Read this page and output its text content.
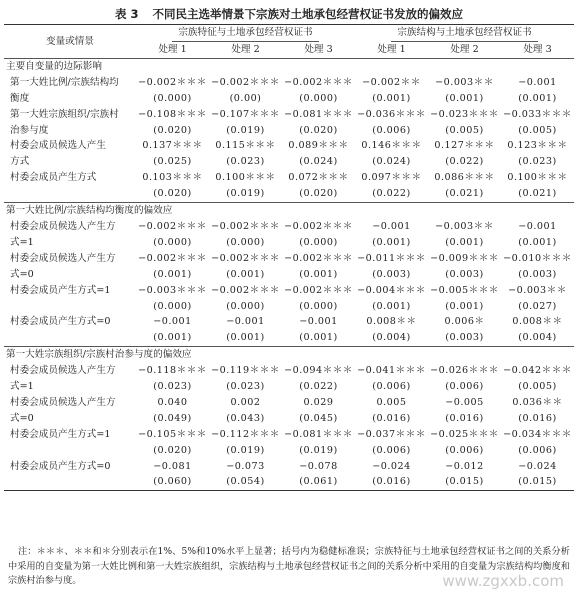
表 3 不同民主选举情景下宗族对土地承包经营权证书发放的偏效应
变量或情景	宗族特征与土地承包经营权证书			宗族结构与土地承包经营权证书		
	处理 1	处理 2	处理 3	处理 1	处理 2	处理 3
主要自变量的边际影响						
第一大姓比例/宗族结构均	−0.002＊＊＊	−0.002＊＊＊	−0.002＊＊＊	−0.002＊＊	−0.003＊＊	−0.001
衡度	(0.000)	(0.00)	(0.000)	(0.001)	(0.001)	(0.001)
第一大姓宗族组织/宗族村	−0.108＊＊＊	−0.107＊＊＊	−0.081＊＊＊	−0.036＊＊＊	−0.023＊＊＊	−0.033＊＊＊
治参与度	(0.020)	(0.019)	(0.020)	(0.006)	(0.005)	(0.005)
村委会成员候选人产生	0.137＊＊＊	0.115＊＊＊	0.089＊＊＊	0.146＊＊＊	0.127＊＊＊	0.123＊＊＊
方式	(0.025)	(0.023)	(0.024)	(0.024)	(0.022)	(0.023)
村委会成员产生方式	0.103＊＊＊	0.100＊＊＊	0.072＊＊＊	0.097＊＊＊	0.086＊＊＊	0.100＊＊＊
	(0.020)	(0.019)	(0.020)	(0.022)	(0.021)	(0.021)
第一大姓比例/宗族结构均衡度的偏效应						
村委会成员候选人产生方	−0.002＊＊＊	−0.002＊＊＊	−0.002＊＊＊	−0.001	−0.003＊＊	−0.001
式=1	(0.000)	(0.000)	(0.000)	(0.001)	(0.001)	(0.001)
村委会成员候选人产生方	−0.002＊＊＊	−0.002＊＊＊	−0.002＊＊＊	−0.011＊＊＊	−0.009＊＊＊	−0.010＊＊＊
式=0	(0.001)	(0.001)	(0.001)	(0.003)	(0.003)	(0.003)
村委会成员产生方式=1	−0.003＊＊＊	−0.002＊＊＊	−0.002＊＊＊	−0.004＊＊＊	−0.005＊＊＊	−0.003＊＊
	(0.000)	(0.000)	(0.000)	(0.001)	(0.001)	(0.027)
村委会成员产生方式=0	−0.001	−0.001	−0.001	0.008＊＊	0.006＊	0.008＊＊
	(0.001)	(0.001)	(0.001)	(0.004)	(0.003)	(0.004)
第一大姓宗族组织/宗族村治参与度的偏效应						
村委会成员候选人产生方	−0.118＊＊＊	−0.119＊＊＊	−0.094＊＊＊	−0.041＊＊＊	−0.026＊＊＊	−0.042＊＊＊
式=1	(0.023)	(0.023)	(0.022)	(0.006)	(0.006)	(0.005)
村委会成员候选人产生方	0.040	0.002	0.029	0.005	−0.005	0.036＊＊
式=0	(0.049)	(0.043)	(0.045)	(0.016)	(0.016)	(0.016)
村委会成员产生方式=1	−0.105＊＊＊	−0.112＊＊＊	−0.081＊＊＊	−0.037＊＊＊	−0.025＊＊＊	−0.034＊＊＊
	(0.020)	(0.019)	(0.019)	(0.006)	(0.006)	(0.006)
村委会成员产生方式=0	−0.081	−0.073	−0.078	−0.024	−0.012	−0.024
	(0.060)	(0.054)	(0.061)	(0.016)	(0.015)	(0.015)
注：＊＊＊、＊＊和＊分别表示在1%、5%和10%水平上显著；括号内为稳健标准误；宗族特征与土地承包经营权证书之间的关系分析中采用的自变量为第一大姓比例和第一大姓宗族组织，宗族结构与土地承包经营权证书之间的关系分析中采用的自变量为宗族结构均衡度和宗族村治参与度。	www.zgxxb.com
